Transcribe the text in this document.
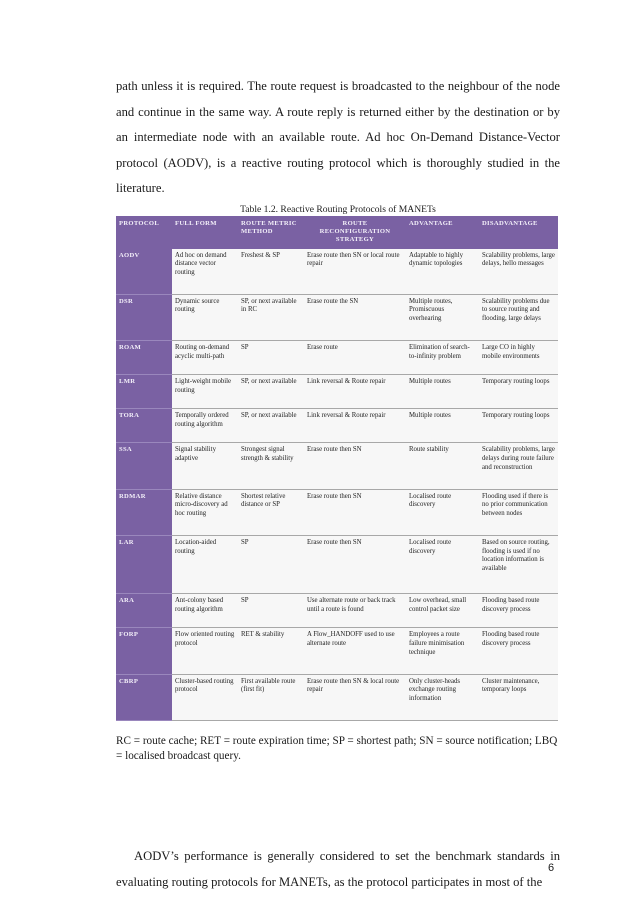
path unless it is required. The route request is broadcasted to the neighbour of the node and continue in the same way. A route reply is returned either by the destination or by an intermediate node with an available route. Ad hoc On-Demand Distance-Vector protocol (AODV), is a reactive routing protocol which is thoroughly studied in the literature.

Table 1.2. Reactive Routing Protocols of MANETs

PROTOCOL	FULL FORM	ROUTE METRIC METHOD	ROUTE RECONFIGURATION STRATEGY	ADVANTAGE	DISADVANTAGE
AODV	Ad hoc on demand distance vector routing	Freshest & SP	Erase route then SN or local route repair	Adaptable to highly dynamic topologies	Scalability problems, large delays, hello messages
DSR	Dynamic source routing	SP, or next available in RC	Erase route the SN	Multiple routes, Promiscuous overhearing	Scalability problems due to source routing and flooding, large delays
ROAM	Routing on-demand acyclic multi-path	SP	Erase route	Elimination of search-to-infinity problem	Large CO in highly mobile environments
LMR	Light-weight mobile routing	SP, or next available	Link reversal & Route repair	Multiple routes	Temporary routing loops
TORA	Temporally ordered routing algorithm	SP, or next available	Link reversal & Route repair	Multiple routes	Temporary routing loops
SSA	Signal stability adaptive	Strongest signal strength & stability	Erase route then SN	Route stability	Scalability problems, large delays during route failure and reconstruction
RDMAR	Relative distance micro-discovery ad hoc routing	Shortest relative distance or SP	Erase route then SN	Localised route discovery	Flooding used if there is no prior communication between nodes
LAR	Location-aided routing	SP	Erase route then SN	Localised route discovery	Based on source routing, flooding is used if no location information is available
ARA	Ant-colony based routing algorithm	SP	Use alternate route or back track until a route is found	Low overhead, small control packet size	Flooding based route discovery process
FORP	Flow oriented routing protocol	RET & stability	A Flow_HANDOFF used to use alternate route	Employees a route failure minimisation technique	Flooding based route discovery process
CBRP	Cluster-based routing protocol	First available route (first fit)	Erase route then SN & local route repair	Only cluster-heads exchange routing information	Cluster maintenance, temporary loops

RC = route cache; RET = route expiration time; SP = shortest path; SN = source notification; LBQ = localised broadcast query.

AODV’s performance is generally considered to set the benchmark standards in evaluating routing protocols for MANETs, as the protocol participates in most of the

6
